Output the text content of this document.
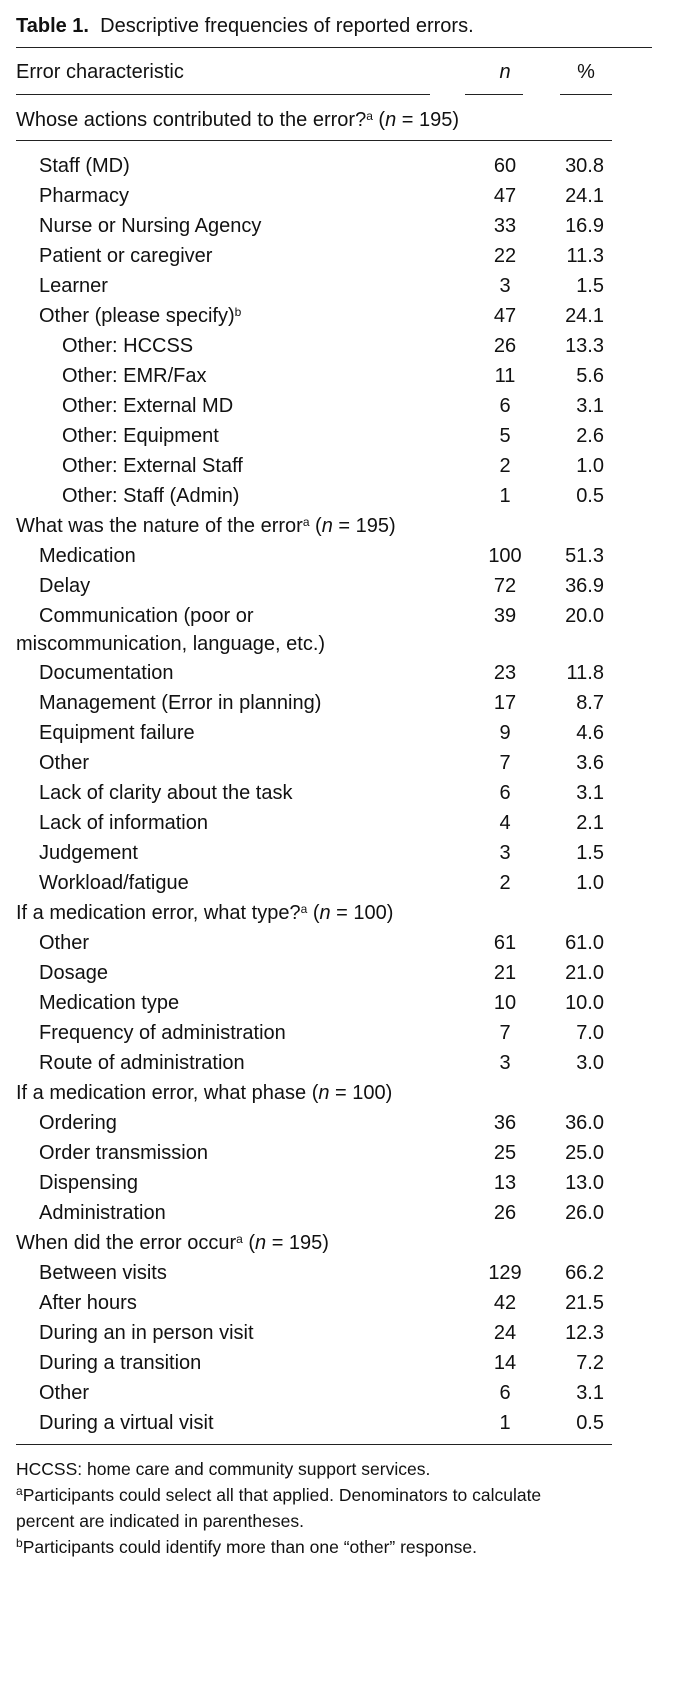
Table 1. Descriptive frequencies of reported errors.
Error characteristic	n	%
Whose actions contributed to the error?$^a$ (n = 195)
Staff (MD)	60	30.8
Pharmacy	47	24.1
Nurse or Nursing Agency	33	16.9
Patient or caregiver	22	11.3
Learner	3	1.5
Other (please specify)$^b$	47	24.1
Other: HCCSS	26	13.3
Other: EMR/Fax	11	5.6
Other: External MD	6	3.1
Other: Equipment	5	2.6
Other: External Staff	2	1.0
Other: Staff (Admin)	1	0.5
What was the nature of the error$^a$ (n = 195)
Medication	100	51.3
Delay	72	36.9
Communication (poor or	39	20.0
miscommunication, language, etc.)
Documentation	23	11.8
Management (Error in planning)	17	8.7
Equipment failure	9	4.6
Other	7	3.6
Lack of clarity about the task	6	3.1
Lack of information	4	2.1
Judgement	3	1.5
Workload/fatigue	2	1.0
If a medication error, what type?$^a$ (n = 100)
Other	61	61.0
Dosage	21	21.0
Medication type	10	10.0
Frequency of administration	7	7.0
Route of administration	3	3.0
If a medication error, what phase (n = 100)
Ordering	36	36.0
Order transmission	25	25.0
Dispensing	13	13.0
Administration	26	26.0
When did the error occur$^a$ (n = 195)
Between visits	129	66.2
After hours	42	21.5
During an in person visit	24	12.3
During a transition	14	7.2
Other	6	3.1
During a virtual visit	1	0.5
HCCSS: home care and community support services.
$^a$Participants could select all that applied. Denominators to calculate
percent are indicated in parentheses.
$^b$Participants could identify more than one “other” response.
